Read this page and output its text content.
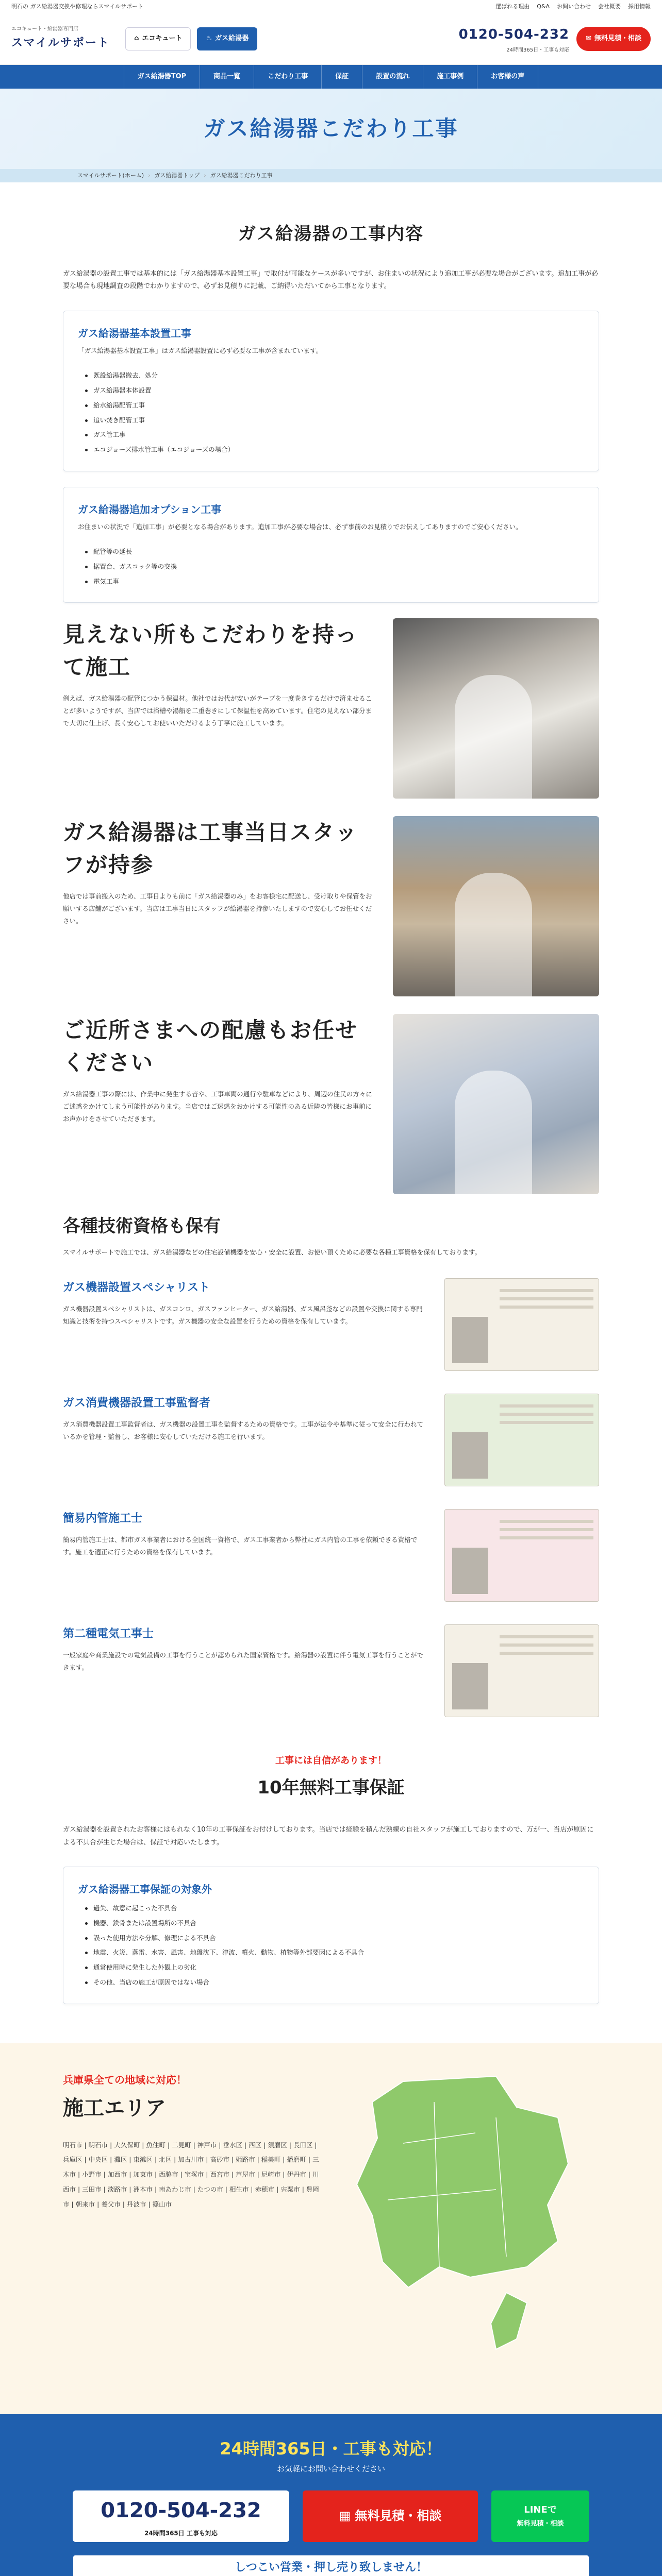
明石の ガス給湯器交換や修理ならスマイルサポート	選ばれる理由 Q&A お問い合わせ 会社概要 採用情報
エコキュート・給湯器専門店
スマイルサポート	⌂ エコキュート	♨ ガス給湯器	0120-504-232
24時間365日・工事も対応
✉ 無料見積・相談
ガス給湯器TOP	商品一覧	こだわり工事	保証	設置の流れ	施工事例	お客様の声
ガス給湯器こだわり工事
スマイルサポート(ホーム) › ガス給湯器トップ › ガス給湯器こだわり工事
ガス給湯器の工事内容

ガス給湯器の設置工事では基本的には「ガス給湯器基本設置工事」で取付が可能なケースが多いですが、お住まいの状況により追加工事が必要な場合がございます。追加工事が必要な場合も現地調査の段階でわかりますので、必ずお見積りに記載、ご納得いただいてから工事となります。

ガス給湯器基本設置工事

「ガス給湯器基本設置工事」はガス給湯器設置に必ず必要な工事が含まれています。

既設給湯器撤去、処分
ガス給湯器本体設置
給水給湯配管工事
追い焚き配管工事
ガス管工事
エコジョーズ排水管工事（エコジョーズの場合）
ガス給湯器追加オプション工事

お住まいの状況で「追加工事」が必要となる場合があります。追加工事が必要な場合は、必ず事前のお見積りでお伝えしてありますのでご安心ください。

配管等の延長
据置台、ガスコック等の交換
電気工事
見えない所もこだわりを持って施工

例えば、ガス給湯器の配管につかう保温材。他社ではお代が安いがテープを一度巻きするだけで済ませることが多いようですが、当店では浴槽や湯船を二重巻きにして保温性を高めています。住宅の見えない部分まで大切に仕上げ、長く安心してお使いいただけるよう丁寧に施工しています。

ガス給湯器は工事当日スタッフが持参

他店では事前搬入のため、工事日よりも前に「ガス給湯器のみ」をお客様宅に配送し、受け取りや保管をお願いする店舗がございます。当店は工事当日にスタッフが給湯器を持参いたしますので安心してお任せください。

ご近所さまへの配慮もお任せください

ガス給湯器工事の際には、作業中に発生する音や、工事車両の通行や駐車などにより、周辺の住民の方々にご迷惑をかけてしまう可能性があります。当店ではご迷惑をおかけする可能性のある近隣の皆様にお事前にお声かけをさせていただきます。

各種技術資格も保有

スマイルサポートで施工では、ガス給湯器などの住宅設備機器を安心・安全に設置、お使い頂くために必要な各種工事資格を保有しております。

ガス機器設置スペシャリスト

ガス機器設置スペシャリストは、ガスコンロ、ガスファンヒーター、ガス給湯器、ガス風呂釜などの設置や交換に関する専門知識と技術を持つスペシャリストです。ガス機器の安全な設置を行うための資格を保有しています。

ガス消費機器設置工事監督者

ガス消費機器設置工事監督者は、ガス機器の設置工事を監督するための資格です。工事が法令や基準に従って安全に行われているかを管理・監督し、お客様に安心していただける施工を行います。

簡易内管施工士

簡易内管施工士は、都市ガス事業者における全国統一資格で、ガス工事業者から弊社にガス内管の工事を依頼できる資格です。施工を適正に行うための資格を保有しています。

第二種電気工事士

一般家庭や商業施設での電気設備の工事を行うことが認められた国家資格です。給湯器の設置に伴う電気工事を行うことができます。

工事には自信があります！
10年無料工事保証

ガス給湯器を設置されたお客様にはもれなく10年の工事保証をお付けしております。当店では経験を積んだ熟練の自社スタッフが施工しておりますので、万が一、当店が原因による不具合が生じた場合は、保証で対応いたします。

ガス給湯器工事保証の対象外
過失、故意に起こった不具合
機器、鉄骨または設置場所の不具合
誤った使用方法や分解、修理による不具合
地震、火災、落雷、水害、風害、地盤沈下、津波、噴火、動物、植物等外部要因による不具合
通常使用時に発生した外観上の劣化
その他、当店の施工が原因ではない場合
兵庫県全ての地域に対応！
施工エリア

明石市 | 明石市 | 大久保町 | 魚住町 | 二見町 | 神戸市 | 垂水区 | 西区 | 須磨区 | 長田区 | 兵庫区 | 中央区 | 灘区 | 東灘区 | 北区 | 加古川市 | 高砂市 | 姫路市 | 稲美町 | 播磨町 | 三木市 | 小野市 | 加西市 | 加東市 | 西脇市 | 宝塚市 | 西宮市 | 芦屋市 | 尼崎市 | 伊丹市 | 川西市 | 三田市 | 淡路市 | 洲本市 | 南あわじ市 | たつの市 | 相生市 | 赤穂市 | 宍粟市 | 豊岡市 | 朝来市 | 養父市 | 丹波市 | 篠山市

24時間365日・工事も対応！
お気軽にお問い合わせください
0120-504-232
24時間365日 工事も対応
▦ 無料見積・相談	LINEで
無料見積・相談
しつこい営業・押し売り致しません！
